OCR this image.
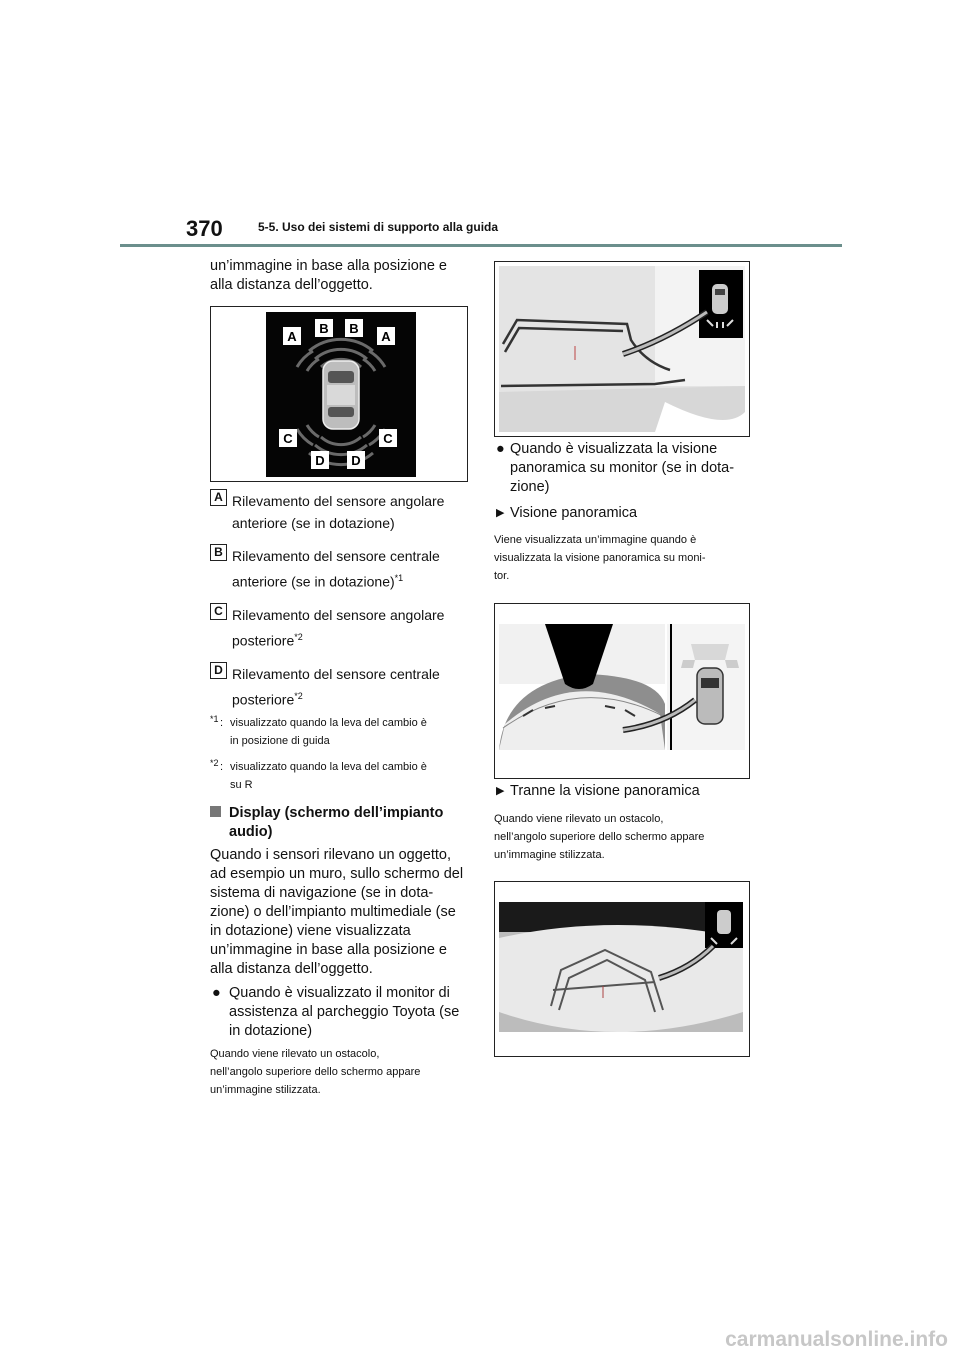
370	5-5. Uso dei sistemi di supporto alla guida
un’immagine in base alla posizione e
alla distanza dell’oggetto.
A
B B
A
C	C
D D
A Rilevamento del sensore angolare
anteriore (se in dotazione)
B Rilevamento del sensore centrale
anteriore (se in dotazione)$^{*1}$
C Rilevamento del sensore angolare
posteriore$^{*2}$
D Rilevamento del sensore centrale
posteriore$^{*2}$
*1 : visualizzato quando la leva del cambio è
in posizione di guida
*2 : visualizzato quando la leva del cambio è
su R
Display (schermo dell’impianto
audio)
Quando i sensori rilevano un oggetto,
ad esempio un muro, sullo schermo del
sistema di navigazione (se in dota-
zione) o dell’impianto multimediale (se
in dotazione) viene visualizzata
un’immagine in base alla posizione e
alla distanza dell’oggetto.
● Quando è visualizzato il monitor di
assistenza al parcheggio Toyota (se
in dotazione)
Quando viene rilevato un ostacolo,
nell’angolo superiore dello schermo appare
un’immagine stilizzata.
● Quando è visualizzata la visione
panoramica su monitor (se in dota-
zione)
▶ Visione panoramica
Viene visualizzata un’immagine quando è
visualizzata la visione panoramica su moni-
tor.
▶ Tranne la visione panoramica
Quando viene rilevato un ostacolo,
nell’angolo superiore dello schermo appare
un’immagine stilizzata.
carmanualsonline.info
